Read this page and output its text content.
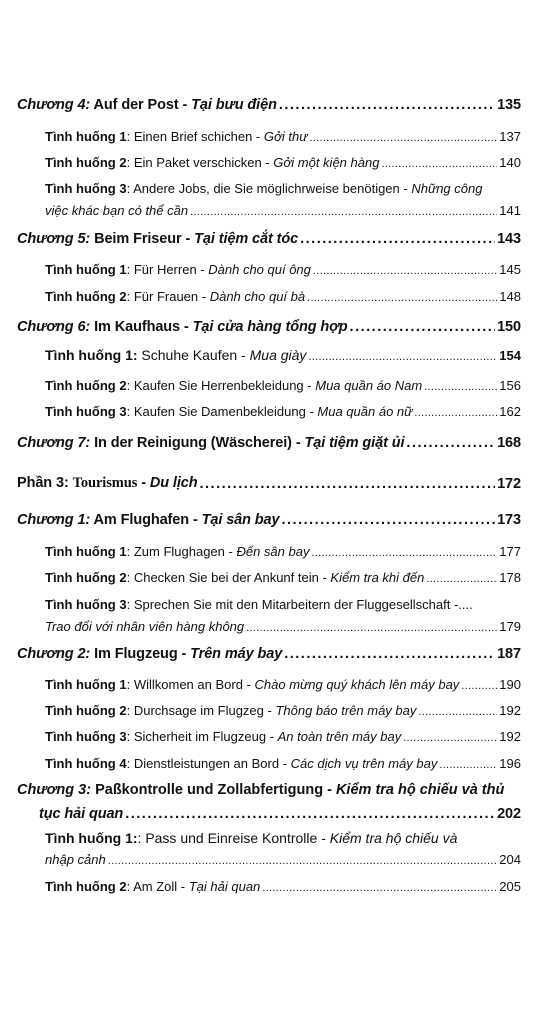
Chương 4: Auf der Post - Tại bưu điện .....	135
Tình huống 1: Einen Brief schichen - Gởi thư .....	137
Tình huống 2: Ein Paket verschicken - Gởi một kiện hàng .....	140
Tình huống 3: Andere Jobs, die Sie möglichrweise benötigen - Những công
việc khác bạn có thể cần .....	141
Chương 5: Beim Friseur - Tại tiệm cắt tóc .....	143
Tình huống 1: Für Herren - Dành cho quí ông .....	145
Tình huống 2: Für Frauen - Dành cho quí bà .....	148
Chương 6: Im Kaufhaus - Tại cửa hàng tổng hợp .....	150
Tình huống 1: Schuhe Kaufen - Mua giày .....	154
Tình huống 2: Kaufen Sie Herrenbekleidung - Mua quần áo Nam .....	156
Tình huống 3: Kaufen Sie Damenbekleidung - Mua quần áo nữ .....	162
Chương 7: In der Reinigung (Wäscherei) - Tại tiệm giặt ủi .....	168
Phần 3: Tourismus - Du lịch .....	172
Chương 1: Am Flughafen - Tại sân bay .....	173
Tình huống 1: Zum Flughagen - Đến sân bay .....	177
Tình huống 2: Checken Sie bei der Ankunf tein - Kiểm tra khi đến .....	178
Tình huống 3: Sprechen Sie mit den Mitarbeitern der Fluggesellschaft -....
Trao đổi với nhân viên hàng không .....	179
Chương 2: Im Flugzeug - Trên máy bay .....	187
Tình huống 1: Willkomen an Bord - Chào mừng quý khách lên máy bay .....	190
Tình huống 2: Durchsage im Flugzeg - Thông báo trên máy bay .....	192
Tình huống 3: Sicherheit im Flugzeug - An toàn trên máy bay .....	192
Tình huống 4: Dienstleistungen an Bord - Các dịch vụ trên máy bay .....	196
Chương 3: Paßkontrolle und Zollabfertigung - Kiểm tra hộ chiếu và thủ
tục hải quan .....	202
Tình huống 1:: Pass und Einreise Kontrolle - Kiểm tra hộ chiếu và
nhập cảnh .....	204
Tình huống 2: Am Zoll - Tại hải quan .....	205
